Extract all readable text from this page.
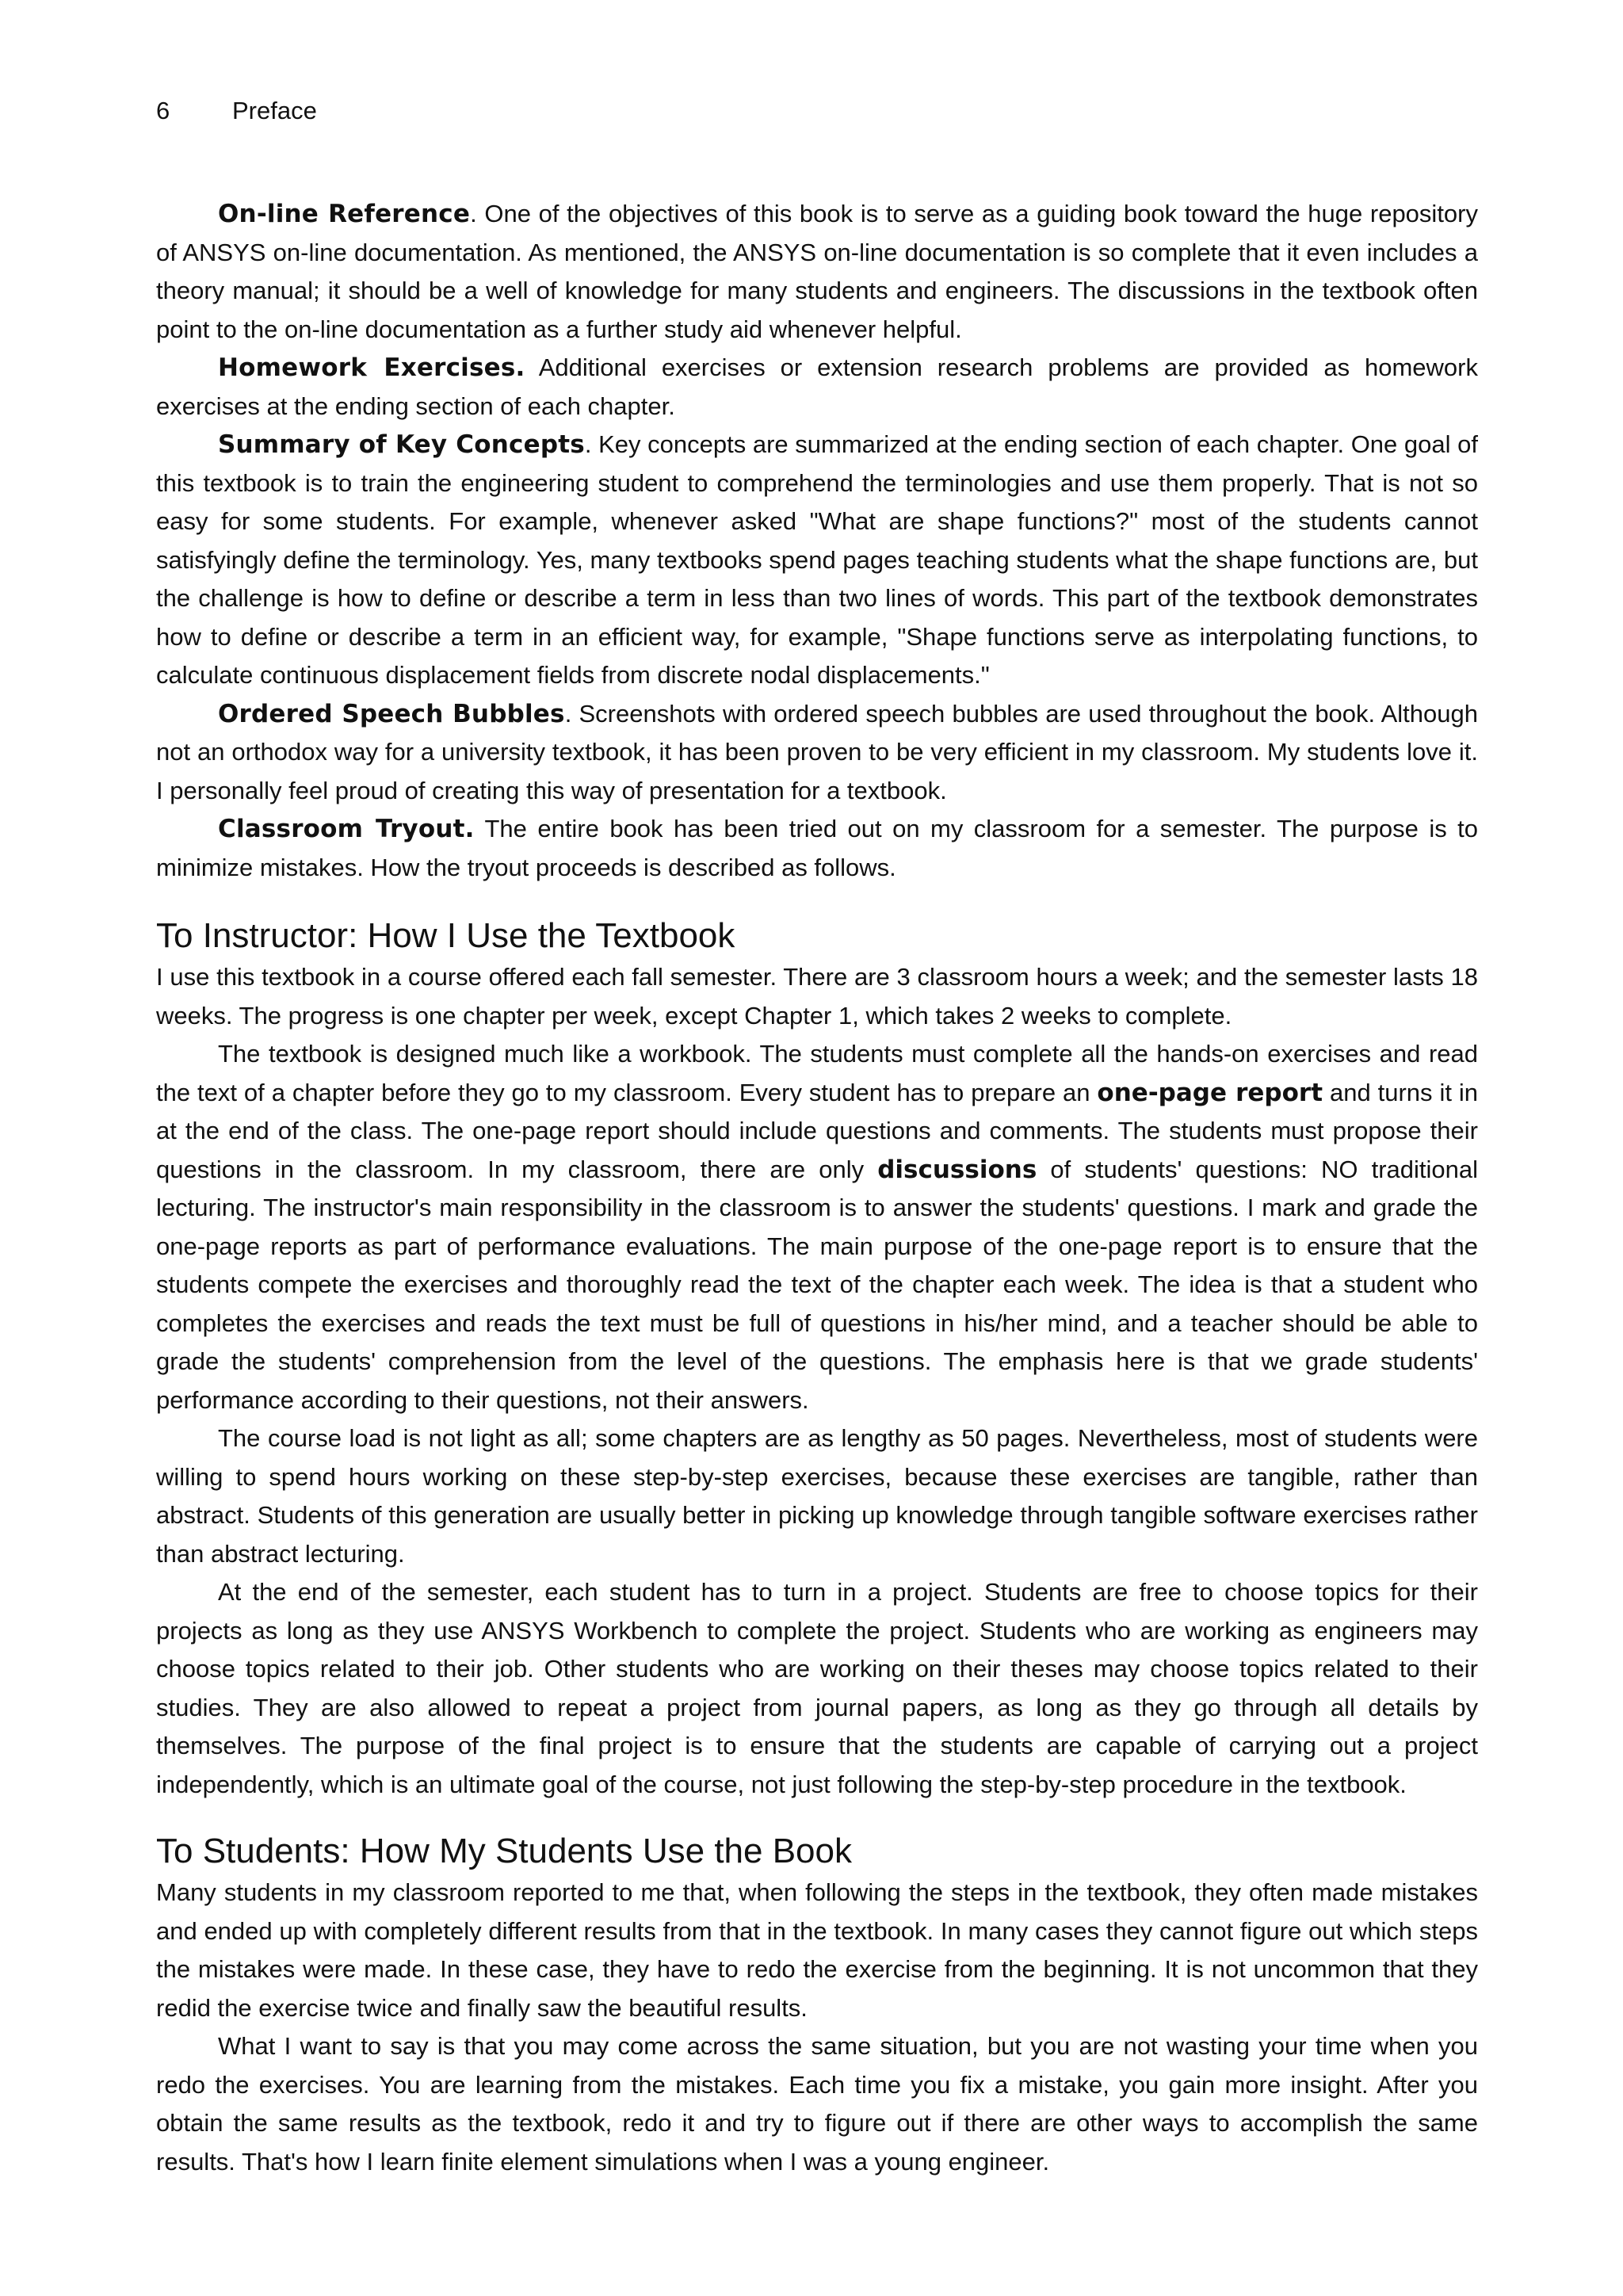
6	Preface

On-line Reference. One of the objectives of this book is to serve as a guiding book toward the huge repository of ANSYS on-line documentation. As mentioned, the ANSYS on-line documentation is so complete that it even includes a theory manual; it should be a well of knowledge for many students and engineers. The discussions in the textbook often point to the on-line documentation as a further study aid whenever helpful.

Homework Exercises. Additional exercises or extension research problems are provided as homework exercises at the ending section of each chapter.

Summary of Key Concepts. Key concepts are summarized at the ending section of each chapter. One goal of this textbook is to train the engineering student to comprehend the terminologies and use them properly. That is not so easy for some students. For example, whenever asked "What are shape functions?" most of the students cannot satisfyingly define the terminology. Yes, many textbooks spend pages teaching students what the shape functions are, but the challenge is how to define or describe a term in less than two lines of words. This part of the textbook demonstrates how to define or describe a term in an efficient way, for example, "Shape functions serve as interpolating functions, to calculate continuous displacement fields from discrete nodal displacements."

Ordered Speech Bubbles. Screenshots with ordered speech bubbles are used throughout the book. Although not an orthodox way for a university textbook, it has been proven to be very efficient in my classroom. My students love it. I personally feel proud of creating this way of presentation for a textbook.

Classroom Tryout. The entire book has been tried out on my classroom for a semester. The purpose is to minimize mistakes. How the tryout proceeds is described as follows.

To Instructor: How I Use the Textbook

I use this textbook in a course offered each fall semester. There are 3 classroom hours a week; and the semester lasts 18 weeks. The progress is one chapter per week, except Chapter 1, which takes 2 weeks to complete.

The textbook is designed much like a workbook. The students must complete all the hands-on exercises and read the text of a chapter before they go to my classroom. Every student has to prepare an one-page report and turns it in at the end of the class. The one-page report should include questions and comments. The students must propose their questions in the classroom. In my classroom, there are only discussions of students' questions: NO traditional lecturing. The instructor's main responsibility in the classroom is to answer the students' questions. I mark and grade the one-page reports as part of performance evaluations. The main purpose of the one-page report is to ensure that the students compete the exercises and thoroughly read the text of the chapter each week. The idea is that a student who completes the exercises and reads the text must be full of questions in his/her mind, and a teacher should be able to grade the students' comprehension from the level of the questions. The emphasis here is that we grade students' performance according to their questions, not their answers.

The course load is not light as all; some chapters are as lengthy as 50 pages. Nevertheless, most of students were willing to spend hours working on these step-by-step exercises, because these exercises are tangible, rather than abstract. Students of this generation are usually better in picking up knowledge through tangible software exercises rather than abstract lecturing.

At the end of the semester, each student has to turn in a project. Students are free to choose topics for their projects as long as they use ANSYS Workbench to complete the project. Students who are working as engineers may choose topics related to their job. Other students who are working on their theses may choose topics related to their studies. They are also allowed to repeat a project from journal papers, as long as they go through all details by themselves. The purpose of the final project is to ensure that the students are capable of carrying out a project independently, which is an ultimate goal of the course, not just following the step-by-step procedure in the textbook.

To Students: How My Students Use the Book

Many students in my classroom reported to me that, when following the steps in the textbook, they often made mistakes and ended up with completely different results from that in the textbook. In many cases they cannot figure out which steps the mistakes were made. In these case, they have to redo the exercise from the beginning. It is not uncommon that they redid the exercise twice and finally saw the beautiful results.

What I want to say is that you may come across the same situation, but you are not wasting your time when you redo the exercises. You are learning from the mistakes. Each time you fix a mistake, you gain more insight. After you obtain the same results as the textbook, redo it and try to figure out if there are other ways to accomplish the same results. That's how I learn finite element simulations when I was a young engineer.
